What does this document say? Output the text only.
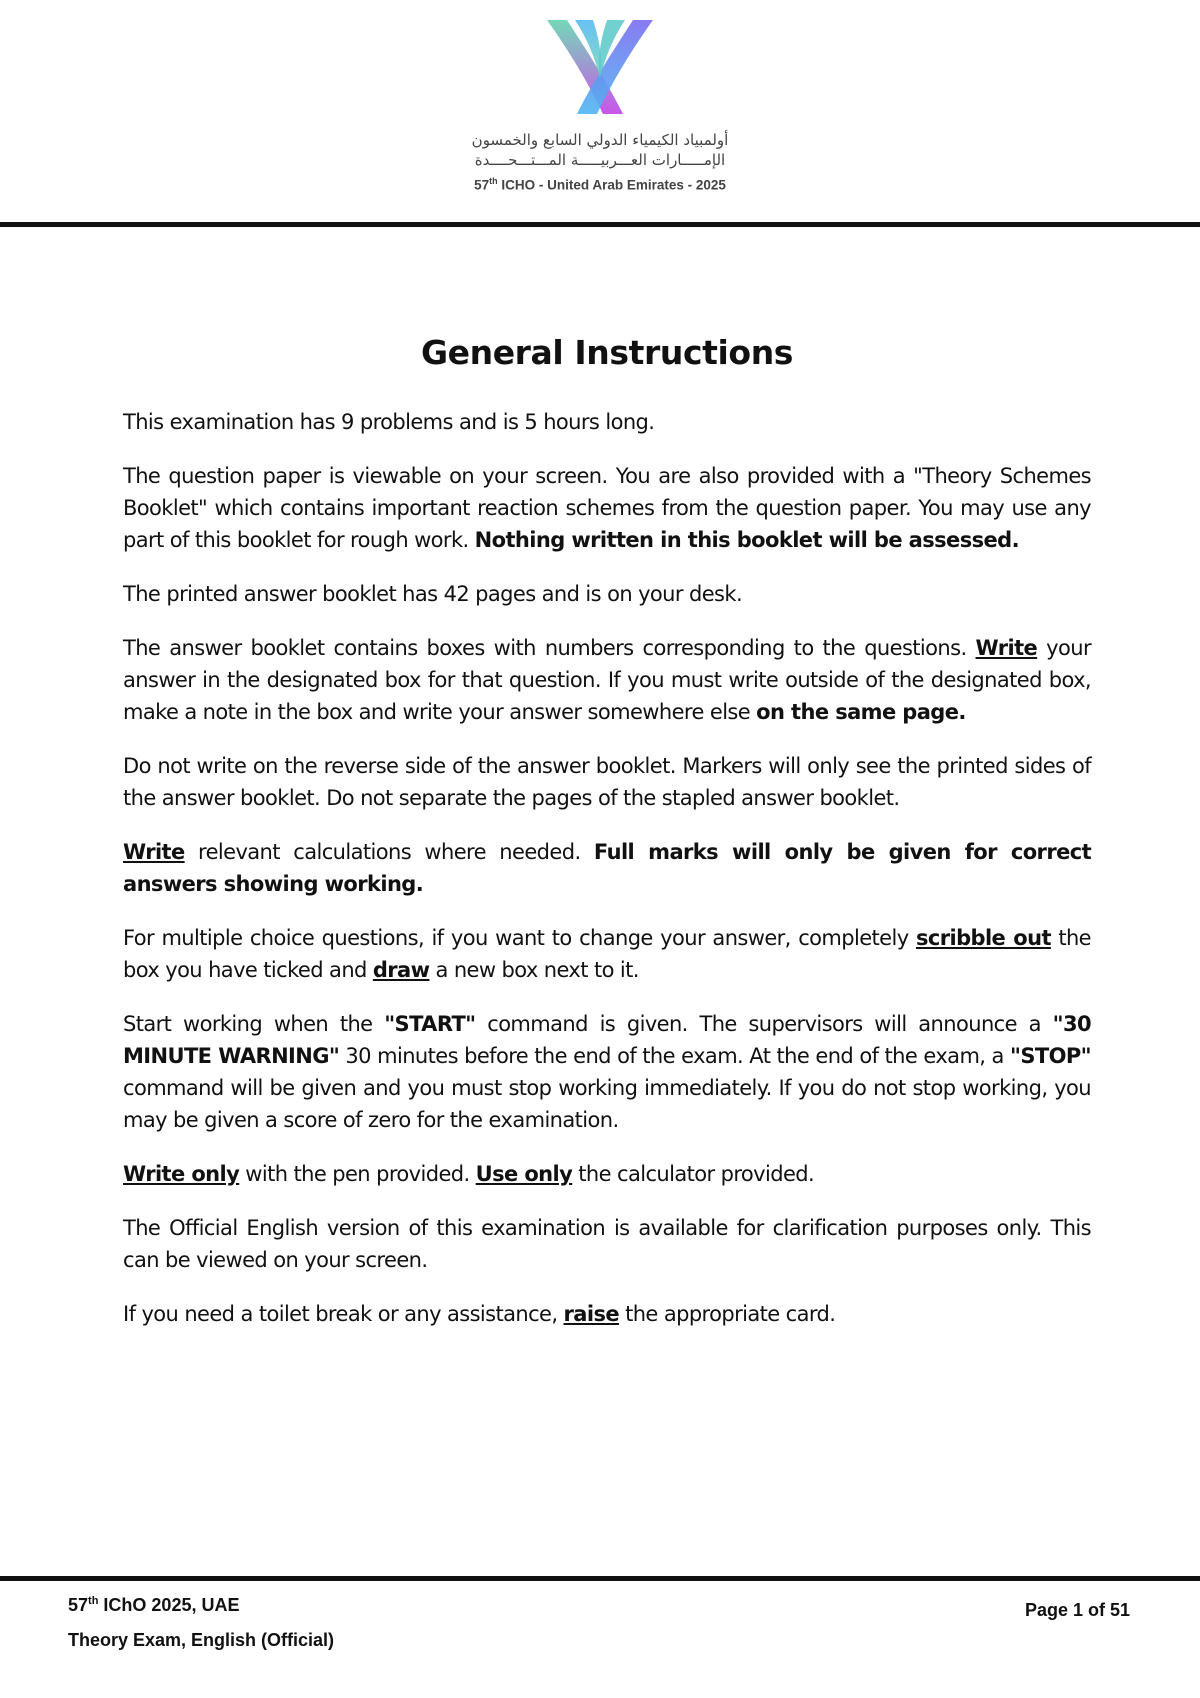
أولمبياد الكيمياء الدولي السابع والخمسون
الإمـــــارات العـــربيـــــة المـــتـــحــــدة
57th ICHO - United Arab Emirates - 2025
General Instructions

This examination has 9 problems and is 5 hours long.

The question paper is viewable on your screen. You are also provided with a "Theory Schemes Booklet" which contains important reaction schemes from the question paper. You may use any part of this booklet for rough work. Nothing written in this booklet will be assessed.

The printed answer booklet has 42 pages and is on your desk.

The answer booklet contains boxes with numbers corresponding to the questions. Write your answer in the designated box for that question. If you must write outside of the designated box, make a note in the box and write your answer somewhere else on the same page.

Do not write on the reverse side of the answer booklet. Markers will only see the printed sides of the answer booklet. Do not separate the pages of the stapled answer booklet.

Write relevant calculations where needed. Full marks will only be given for correct answers showing working.

For multiple choice questions, if you want to change your answer, completely scribble out the box you have ticked and draw a new box next to it.

Start working when the "START" command is given. The supervisors will announce a "30 MINUTE WARNING" 30 minutes before the end of the exam. At the end of the exam, a "STOP" command will be given and you must stop working immediately. If you do not stop working, you may be given a score of zero for the examination.

Write only with the pen provided. Use only the calculator provided.

The Official English version of this examination is available for clarification purposes only. This can be viewed on your screen.

If you need a toilet break or any assistance, raise the appropriate card.

57th IChO 2025, UAE
Theory Exam, English (Official)
Page 1 of 51
